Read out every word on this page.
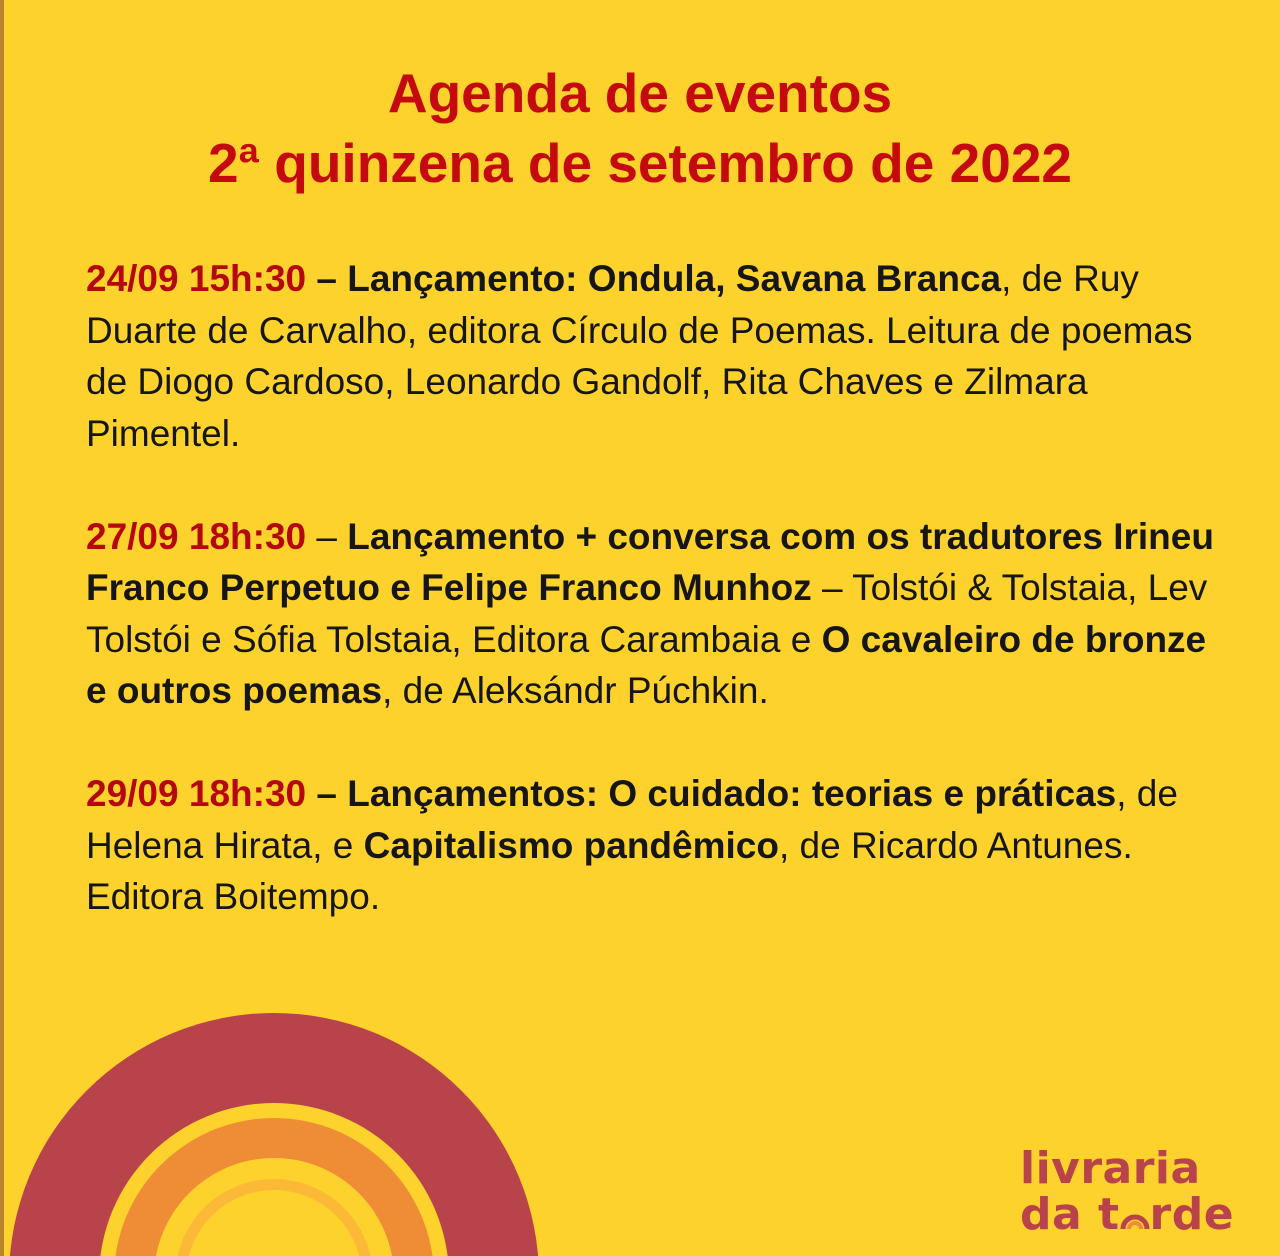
Agenda de eventos
2ª quinzena de setembro de 2022

24/09 15h:30 – Lançamento: Ondula, Savana Branca, de Ruy Duarte de Carvalho, editora Círculo de Poemas. Leitura de poemas de Diogo Cardoso, Leonardo Gandolf, Rita Chaves e Zilmara Pimentel.

27/09 18h:30 – Lançamento + conversa com os tradutores Irineu Franco Perpetuo e Felipe Franco Munhoz – Tolstói & Tolstaia, Lev Tolstói e Sófia Tolstaia, Editora Carambaia e O cavaleiro de bronze e outros poemas, de Aleksándr Púchkin.

29/09 18h:30 – Lançamentos: O cuidado: teorias e práticas, de Helena Hirata, e Capitalismo pandêmico, de Ricardo Antunes. Editora Boitempo.

livraria
da t rde
